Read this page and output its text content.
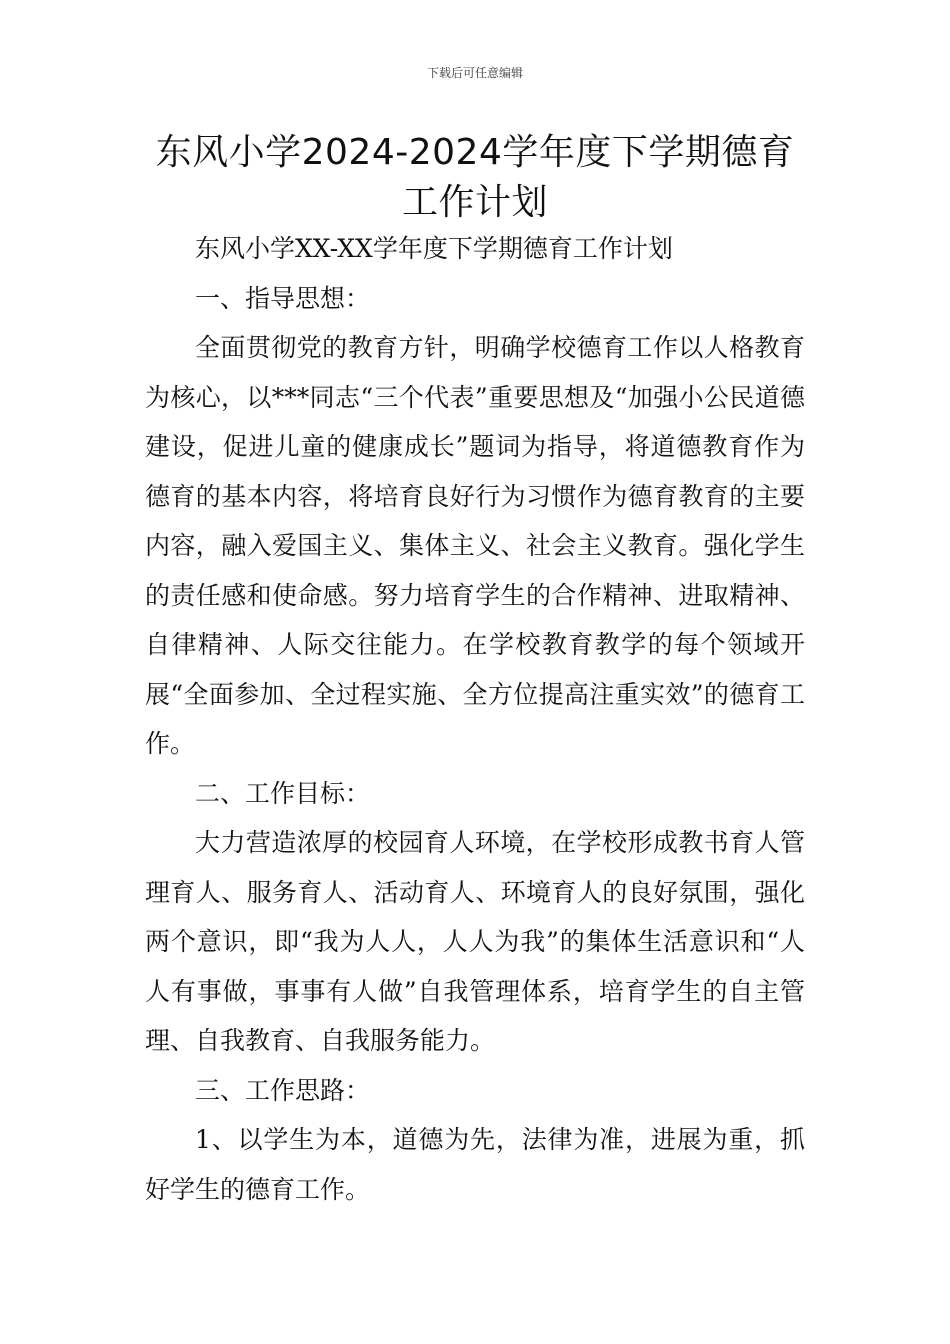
下载后可任意编辑
东风小学2024-2024学年度下学期德育工作计划

东风小学XX-XX学年度下学期德育工作计划

一、指导思想：

全面贯彻党的教育方针，明确学校德育工作以人格教育为核心，以***同志“三个代表”重要思想及“加强小公民道德建设，促进儿童的健康成长”题词为指导，将道德教育作为德育的基本内容，将培育良好行为习惯作为德育教育的主要内容，融入爱国主义、集体主义、社会主义教育。强化学生的责任感和使命感。努力培育学生的合作精神、进取精神、自律精神、人际交往能力。在学校教育教学的每个领域开展“全面参加、全过程实施、全方位提高注重实效”的德育工作。

二、工作目标：

大力营造浓厚的校园育人环境，在学校形成教书育人管理育人、服务育人、活动育人、环境育人的良好氛围，强化两个意识，即“我为人人，人人为我”的集体生活意识和“人人有事做，事事有人做”自我管理体系，培育学生的自主管理、自我教育、自我服务能力。

三、工作思路：

1、以学生为本，道德为先，法律为准，进展为重，抓好学生的德育工作。
